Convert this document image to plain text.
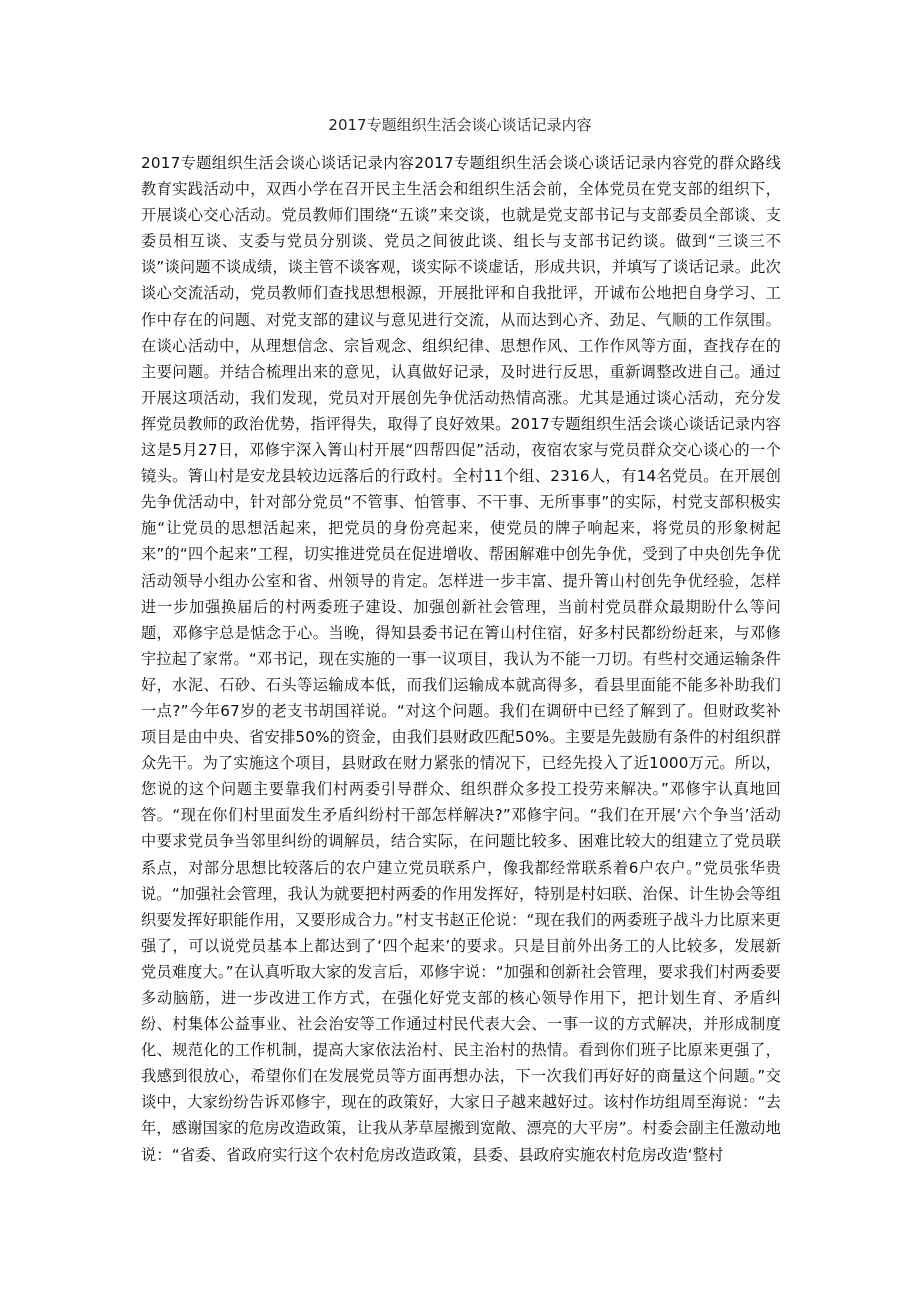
2017专题组织生活会谈心谈话记录内容

2017专题组织生活会谈心谈话记录内容2017专题组织生活会谈心谈话记录内容党的群众路线教育实践活动中，双西小学在召开民主生活会和组织生活会前，全体党员在党支部的组织下，开展谈心交心活动。党员教师们围绕“五谈”来交谈，也就是党支部书记与支部委员全部谈、支委员相互谈、支委与党员分别谈、党员之间彼此谈、组长与支部书记约谈。做到“三谈三不谈”谈问题不谈成绩，谈主管不谈客观，谈实际不谈虚话，形成共识，并填写了谈话记录。此次谈心交流活动，党员教师们查找思想根源，开展批评和自我批评，开诚布公地把自身学习、工作中存在的问题、对党支部的建议与意见进行交流，从而达到心齐、劲足、气顺的工作氛围。在谈心活动中，从理想信念、宗旨观念、组织纪律、思想作风、工作作风等方面，查找存在的主要问题。并结合梳理出来的意见，认真做好记录，及时进行反思，重新调整改进自己。通过开展这项活动，我们发现，党员对开展创先争优活动热情高涨。尤其是通过谈心活动，充分发挥党员教师的政治优势，指评得失，取得了良好效果。2017专题组织生活会谈心谈话记录内容这是5月27日，邓修宇深入箐山村开展“四帮四促”活动，夜宿农家与党员群众交心谈心的一个镜头。箐山村是安龙县较边远落后的行政村。全村11个组、2316人，有14名党员。在开展创先争优活动中，针对部分党员“不管事、怕管事、不干事、无所事事”的实际，村党支部积极实施“让党员的思想活起来，把党员的身份亮起来，使党员的牌子响起来，将党员的形象树起来”的“四个起来”工程，切实推进党员在促进增收、帮困解难中创先争优，受到了中央创先争优活动领导小组办公室和省、州领导的肯定。怎样进一步丰富、提升箐山村创先争优经验，怎样进一步加强换届后的村两委班子建设、加强创新社会管理，当前村党员群众最期盼什么等问题，邓修宇总是惦念于心。当晚，得知县委书记在箐山村住宿，好多村民都纷纷赶来，与邓修宇拉起了家常。“邓书记，现在实施的一事一议项目，我认为不能一刀切。有些村交通运输条件好，水泥、石砂、石头等运输成本低，而我们运输成本就高得多，看县里面能不能多补助我们一点?”今年67岁的老支书胡国祥说。“对这个问题。我们在调研中已经了解到了。但财政奖补项目是由中央、省安排50%的资金，由我们县财政匹配50%。主要是先鼓励有条件的村组织群众先干。为了实施这个项目，县财政在财力紧张的情况下，已经先投入了近1000万元。所以，您说的这个问题主要靠我们村两委引导群众、组织群众多投工投劳来解决。”邓修宇认真地回答。“现在你们村里面发生矛盾纠纷村干部怎样解决?”邓修宇问。“我们在开展‘六个争当’活动中要求党员争当邻里纠纷的调解员，结合实际，在问题比较多、困难比较大的组建立了党员联系点，对部分思想比较落后的农户建立党员联系户，像我都经常联系着6户农户。”党员张华贵说。“加强社会管理，我认为就要把村两委的作用发挥好，特别是村妇联、治保、计生协会等组织要发挥好职能作用，又要形成合力。”村支书赵正伦说：“现在我们的两委班子战斗力比原来更强了，可以说党员基本上都达到了‘四个起来’的要求。只是目前外出务工的人比较多，发展新党员难度大。”在认真听取大家的发言后，邓修宇说：“加强和创新社会管理，要求我们村两委要多动脑筋，进一步改进工作方式，在强化好党支部的核心领导作用下，把计划生育、矛盾纠纷、村集体公益事业、社会治安等工作通过村民代表大会、一事一议的方式解决，并形成制度化、规范化的工作机制，提高大家依法治村、民主治村的热情。看到你们班子比原来更强了，我感到很放心，希望你们在发展党员等方面再想办法，下一次我们再好好的商量这个问题。”交谈中，大家纷纷告诉邓修宇，现在的政策好，大家日子越来越好过。该村作坊组周至海说：“去年，感谢国家的危房改造政策，让我从茅草屋搬到宽敞、漂亮的大平房”。村委会副主任激动地说：“省委、省政府实行这个农村危房改造政策，县委、县政府实施农村危房改造‘整村
